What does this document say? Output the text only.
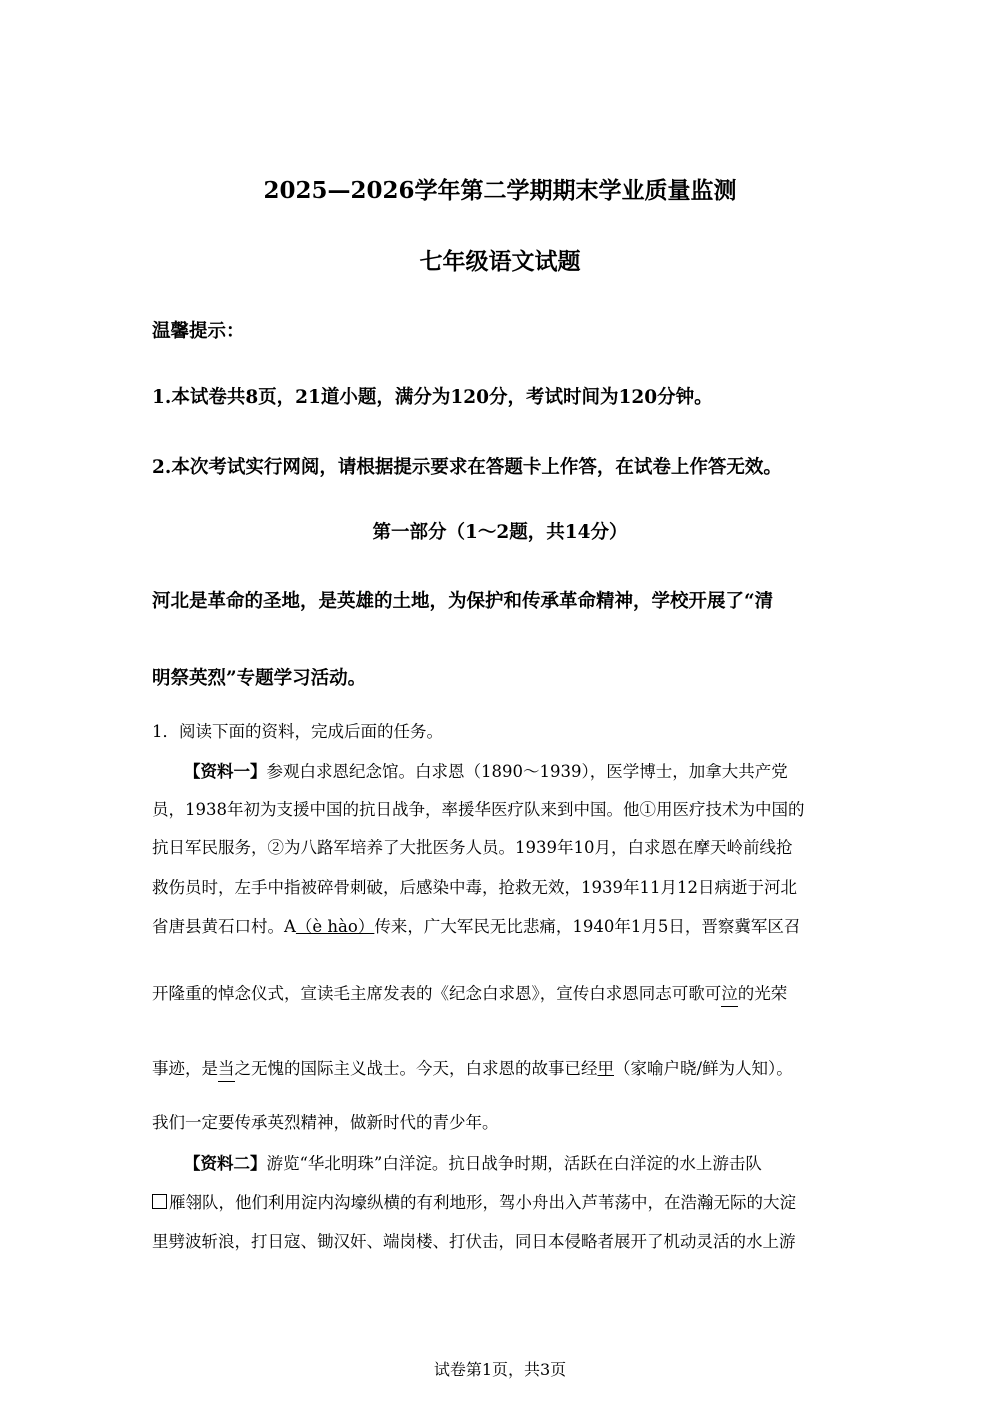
2025—2026学年第二学期期末学业质量监测
七年级语文试题
温馨提示：
1.本试卷共8页，21道小题，满分为120分，考试时间为120分钟。
2.本次考试实行网阅，请根据提示要求在答题卡上作答，在试卷上作答无效。
第一部分（1～2题，共14分）
河北是革命的圣地，是英雄的土地，为保护和传承革命精神，学校开展了“清
明祭英烈”专题学习活动。
1．阅读下面的资料，完成后面的任务。
【资料一】参观白求恩纪念馆。白求恩（1890～1939），医学博士，加拿大共产党
员，1938年初为支援中国的抗日战争，率援华医疗队来到中国。他①用医疗技术为中国的
抗日军民服务，②为八路军培养了大批医务人员。1939年10月，白求恩在摩天岭前线抢
救伤员时，左手中指被碎骨刺破，后感染中毒，抢救无效，1939年11月12日病逝于河北
省唐县黄石口村。A（è hào）传来，广大军民无比悲痛，1940年1月5日，晋察冀军区召
开隆重的悼念仪式，宣读毛主席发表的《纪念白求恩》，宣传白求恩同志可歌可泣的光荣
事迹，是当之无愧的国际主义战士。今天，白求恩的故事已经甲（家喻户晓/鲜为人知）。
我们一定要传承英烈精神，做新时代的青少年。
【资料二】游览“华北明珠”白洋淀。抗日战争时期，活跃在白洋淀的水上游击队
雁翎队，他们利用淀内沟壕纵横的有利地形，驾小舟出入芦苇荡中，在浩瀚无际的大淀
里劈波斩浪，打日寇、锄汉奸、端岗楼、打伏击，同日本侵略者展开了机动灵活的水上游
试卷第1页，共3页
